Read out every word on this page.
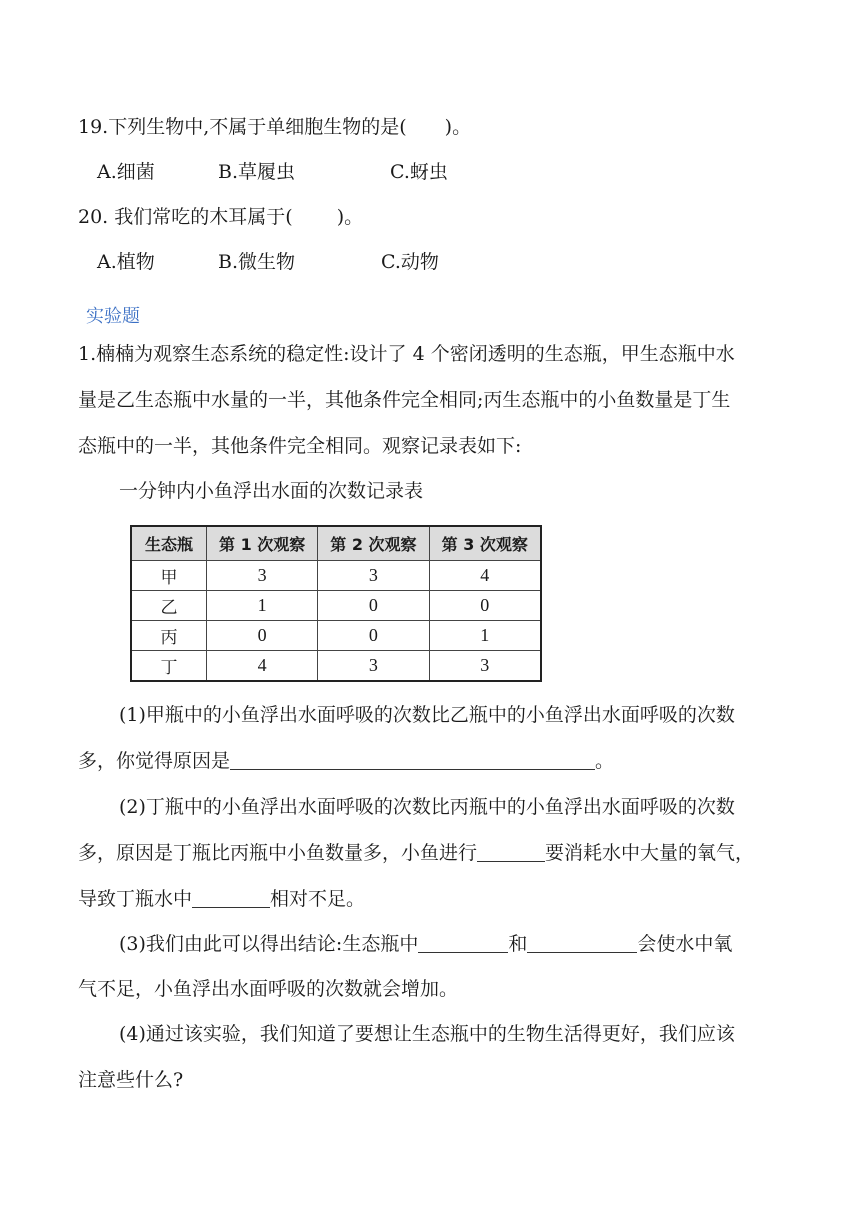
19.下列生物中,不属于单细胞生物的是(　　)。
A.细菌	B.草履虫	C.蚜虫
20. 我们常吃的木耳属于(　　 )。
A.植物	B.微生物	C.动物
实验题
1.楠楠为观察生态系统的稳定性:设计了 4 个密闭透明的生态瓶，甲生态瓶中水
量是乙生态瓶中水量的一半，其他条件完全相同;丙生态瓶中的小鱼数量是丁生
态瓶中的一半，其他条件完全相同。观察记录表如下:
一分钟内小鱼浮出水面的次数记录表
生态瓶	第 1 次观察	第 2 次观察	第 3 次观察
甲	3	3	4
乙	1	0	0
丙	0	0	1
丁	4	3	3
(1)甲瓶中的小鱼浮出水面呼吸的次数比乙瓶中的小鱼浮出水面呼吸的次数
多，你觉得原因是	。
(2)丁瓶中的小鱼浮出水面呼吸的次数比丙瓶中的小鱼浮出水面呼吸的次数
多，原因是丁瓶比丙瓶中小鱼数量多，小鱼进行	要消耗水中大量的氧气，
导致丁瓶水中	相对不足。
(3)我们由此可以得出结论:生态瓶中	和	会使水中氧
气不足，小鱼浮出水面呼吸的次数就会增加。
(4)通过该实验，我们知道了要想让生态瓶中的生物生活得更好，我们应该
注意些什么?
